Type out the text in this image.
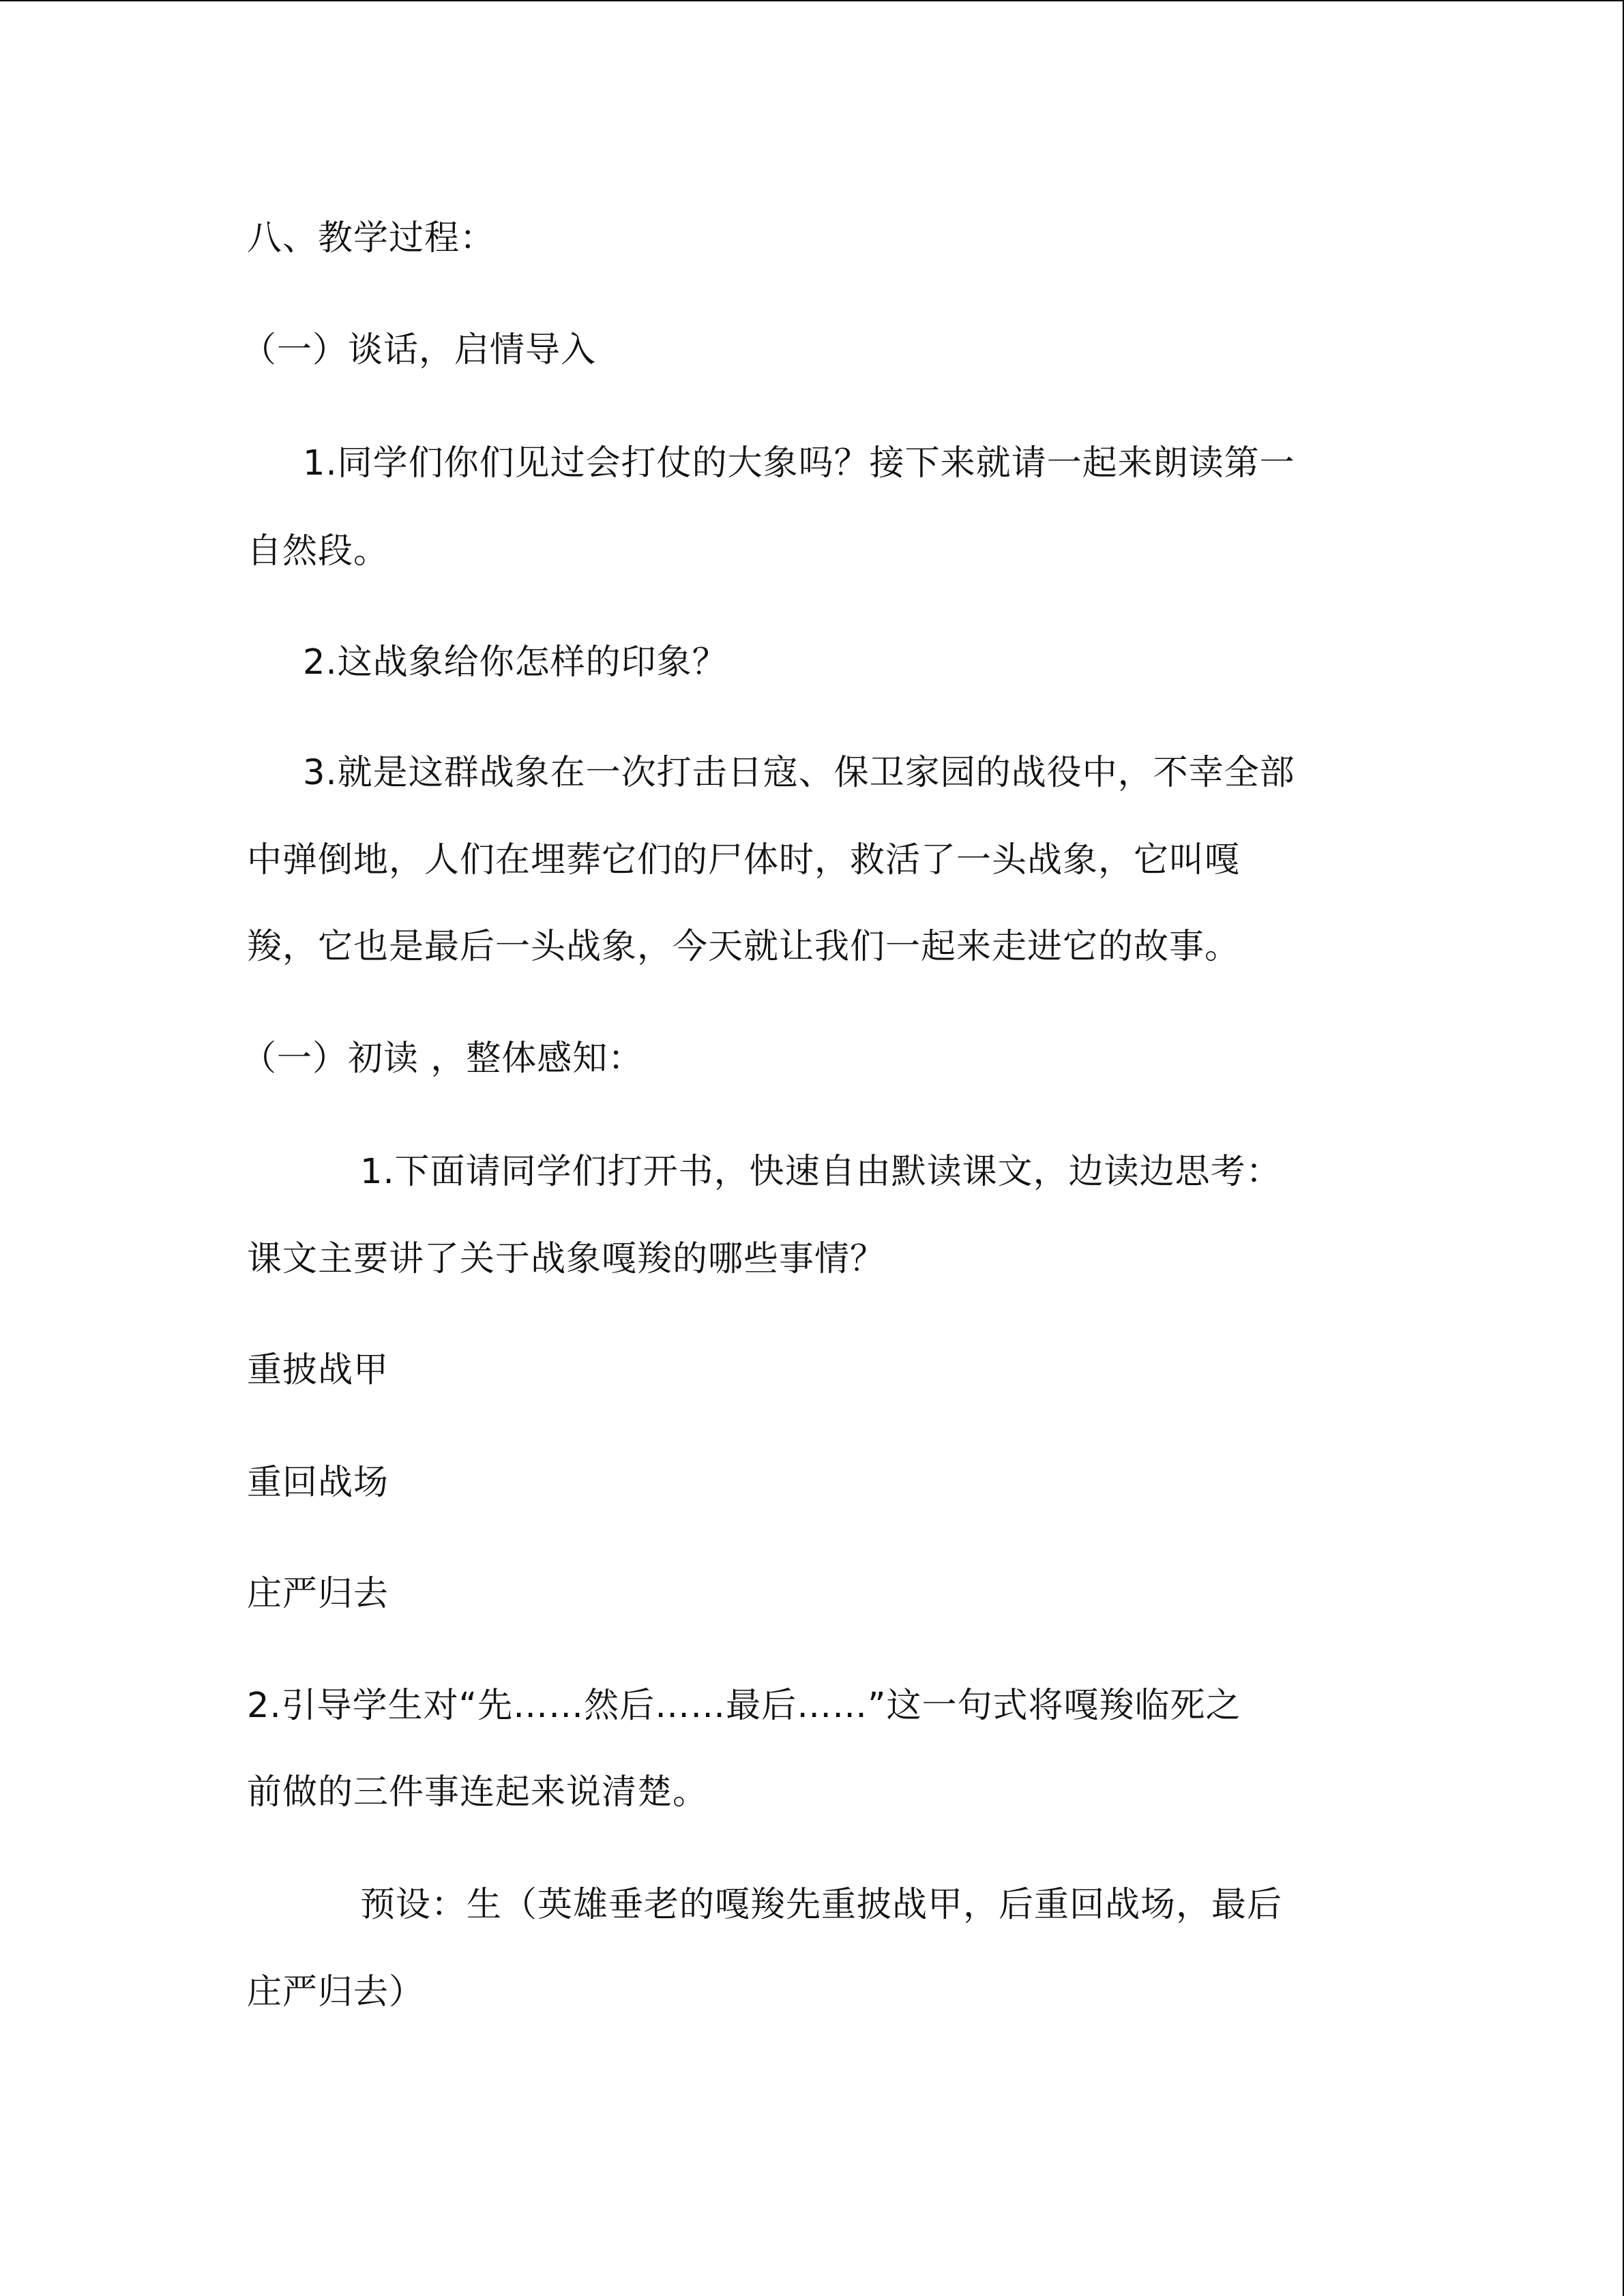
八、教学过程：
（一）谈话，启情导入
1.同学们你们见过会打仗的大象吗？接下来就请一起来朗读第一
自然段。
2.这战象给你怎样的印象？
3.就是这群战象在一次打击日寇、保卫家园的战役中，不幸全部
中弹倒地，人们在埋葬它们的尸体时，救活了一头战象，它叫嘎
羧，它也是最后一头战象，今天就让我们一起来走进它的故事。
（一）初读 ，整体感知：
1.下面请同学们打开书，快速自由默读课文，边读边思考：
课文主要讲了关于战象嘎羧的哪些事情？
重披战甲
重回战场
庄严归去
2.引导学生对“先……然后……最后……”这一句式将嘎羧临死之
前做的三件事连起来说清楚。
预设：生（英雄垂老的嘎羧先重披战甲，后重回战场，最后
庄严归去）
